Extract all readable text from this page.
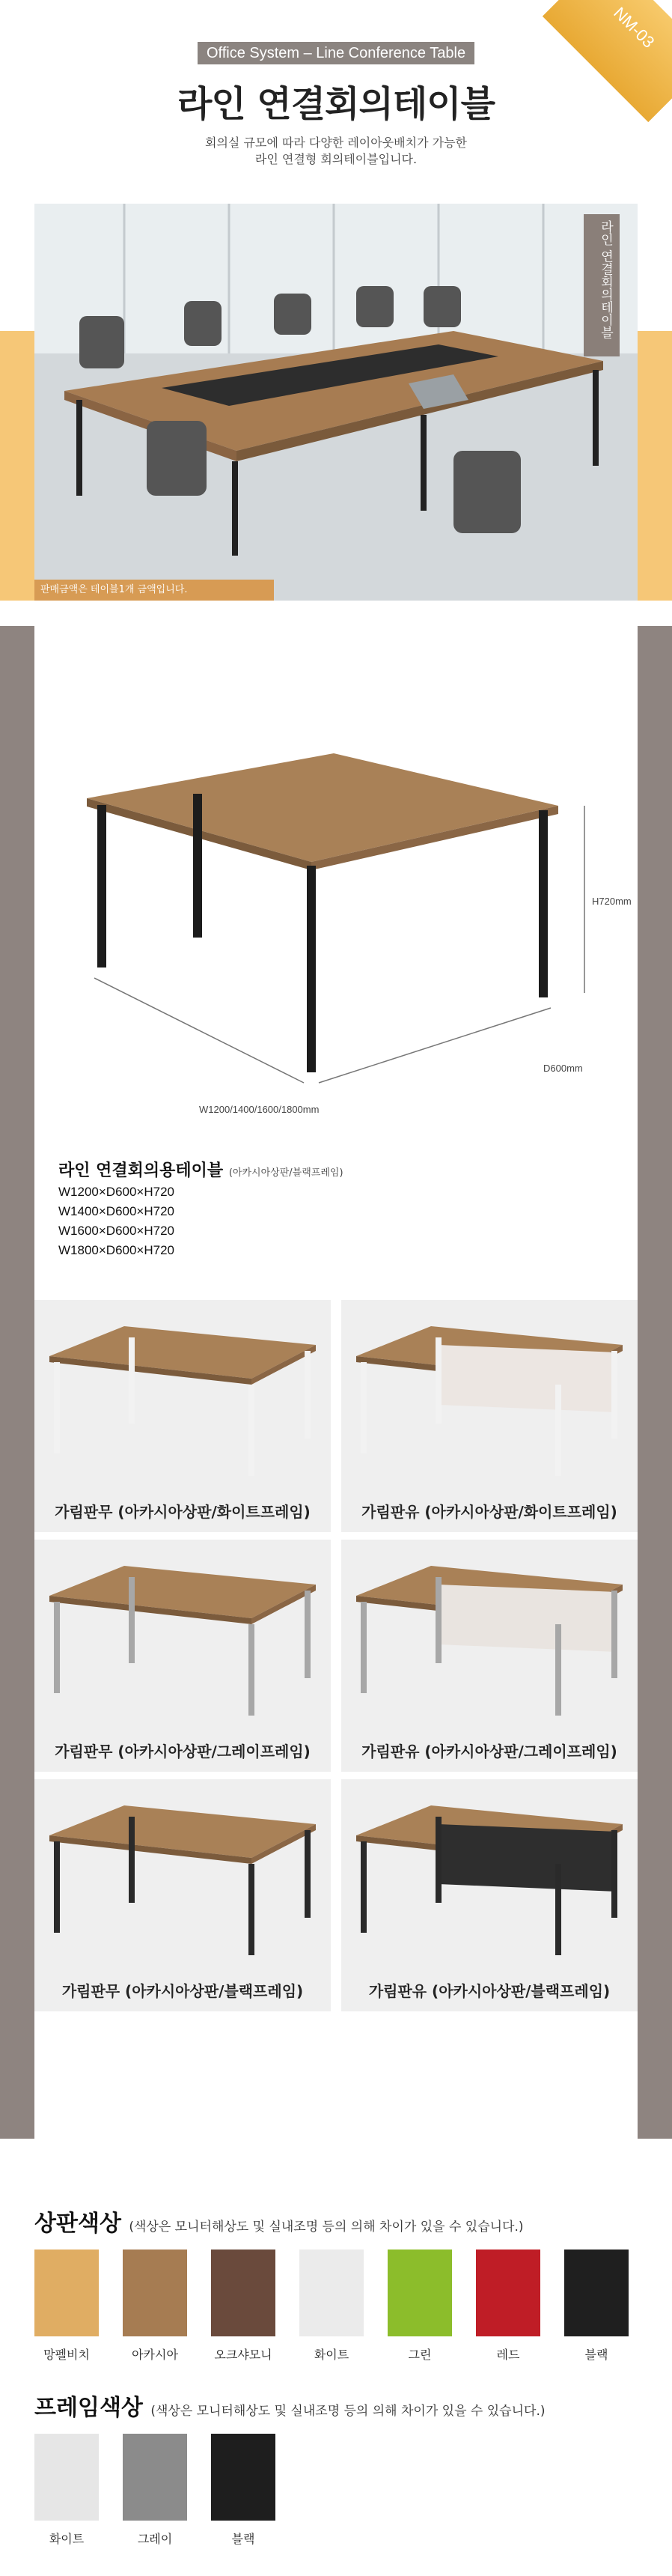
NM-03
Office System – Line Conference Table
라인 연결회의테이블
회의실 규모에 따라 다양한 레이아웃배치가 가능한
라인 연결형 회의테이블입니다.
라인 연결회의테이블
판매금액은 테이블1개 금액입니다.
H720mm
D600mm
W1200/1400/1600/1800mm
라인 연결회의용테이블 (아카시아상판/블랙프레임)
W1200×D600×H720
W1400×D600×H720
W1600×D600×H720
W1800×D600×H720
가림판무 (아카시아상판/화이트프레임)	가림판유 (아카시아상판/화이트프레임)
가림판무 (아카시아상판/그레이프레임)	가림판유 (아카시아상판/그레이프레임)
가림판무 (아카시아상판/블랙프레임)	가림판유 (아카시아상판/블랙프레임)
상판색상 (색상은 모니터해상도 및 실내조명 등의 의해 차이가 있을 수 있습니다.)
망펠비치	아카시아	오크샤모니	화이트	그린	레드	블랙
프레임색상 (색상은 모니터해상도 및 실내조명 등의 의해 차이가 있을 수 있습니다.)
화이트	그레이	블랙
